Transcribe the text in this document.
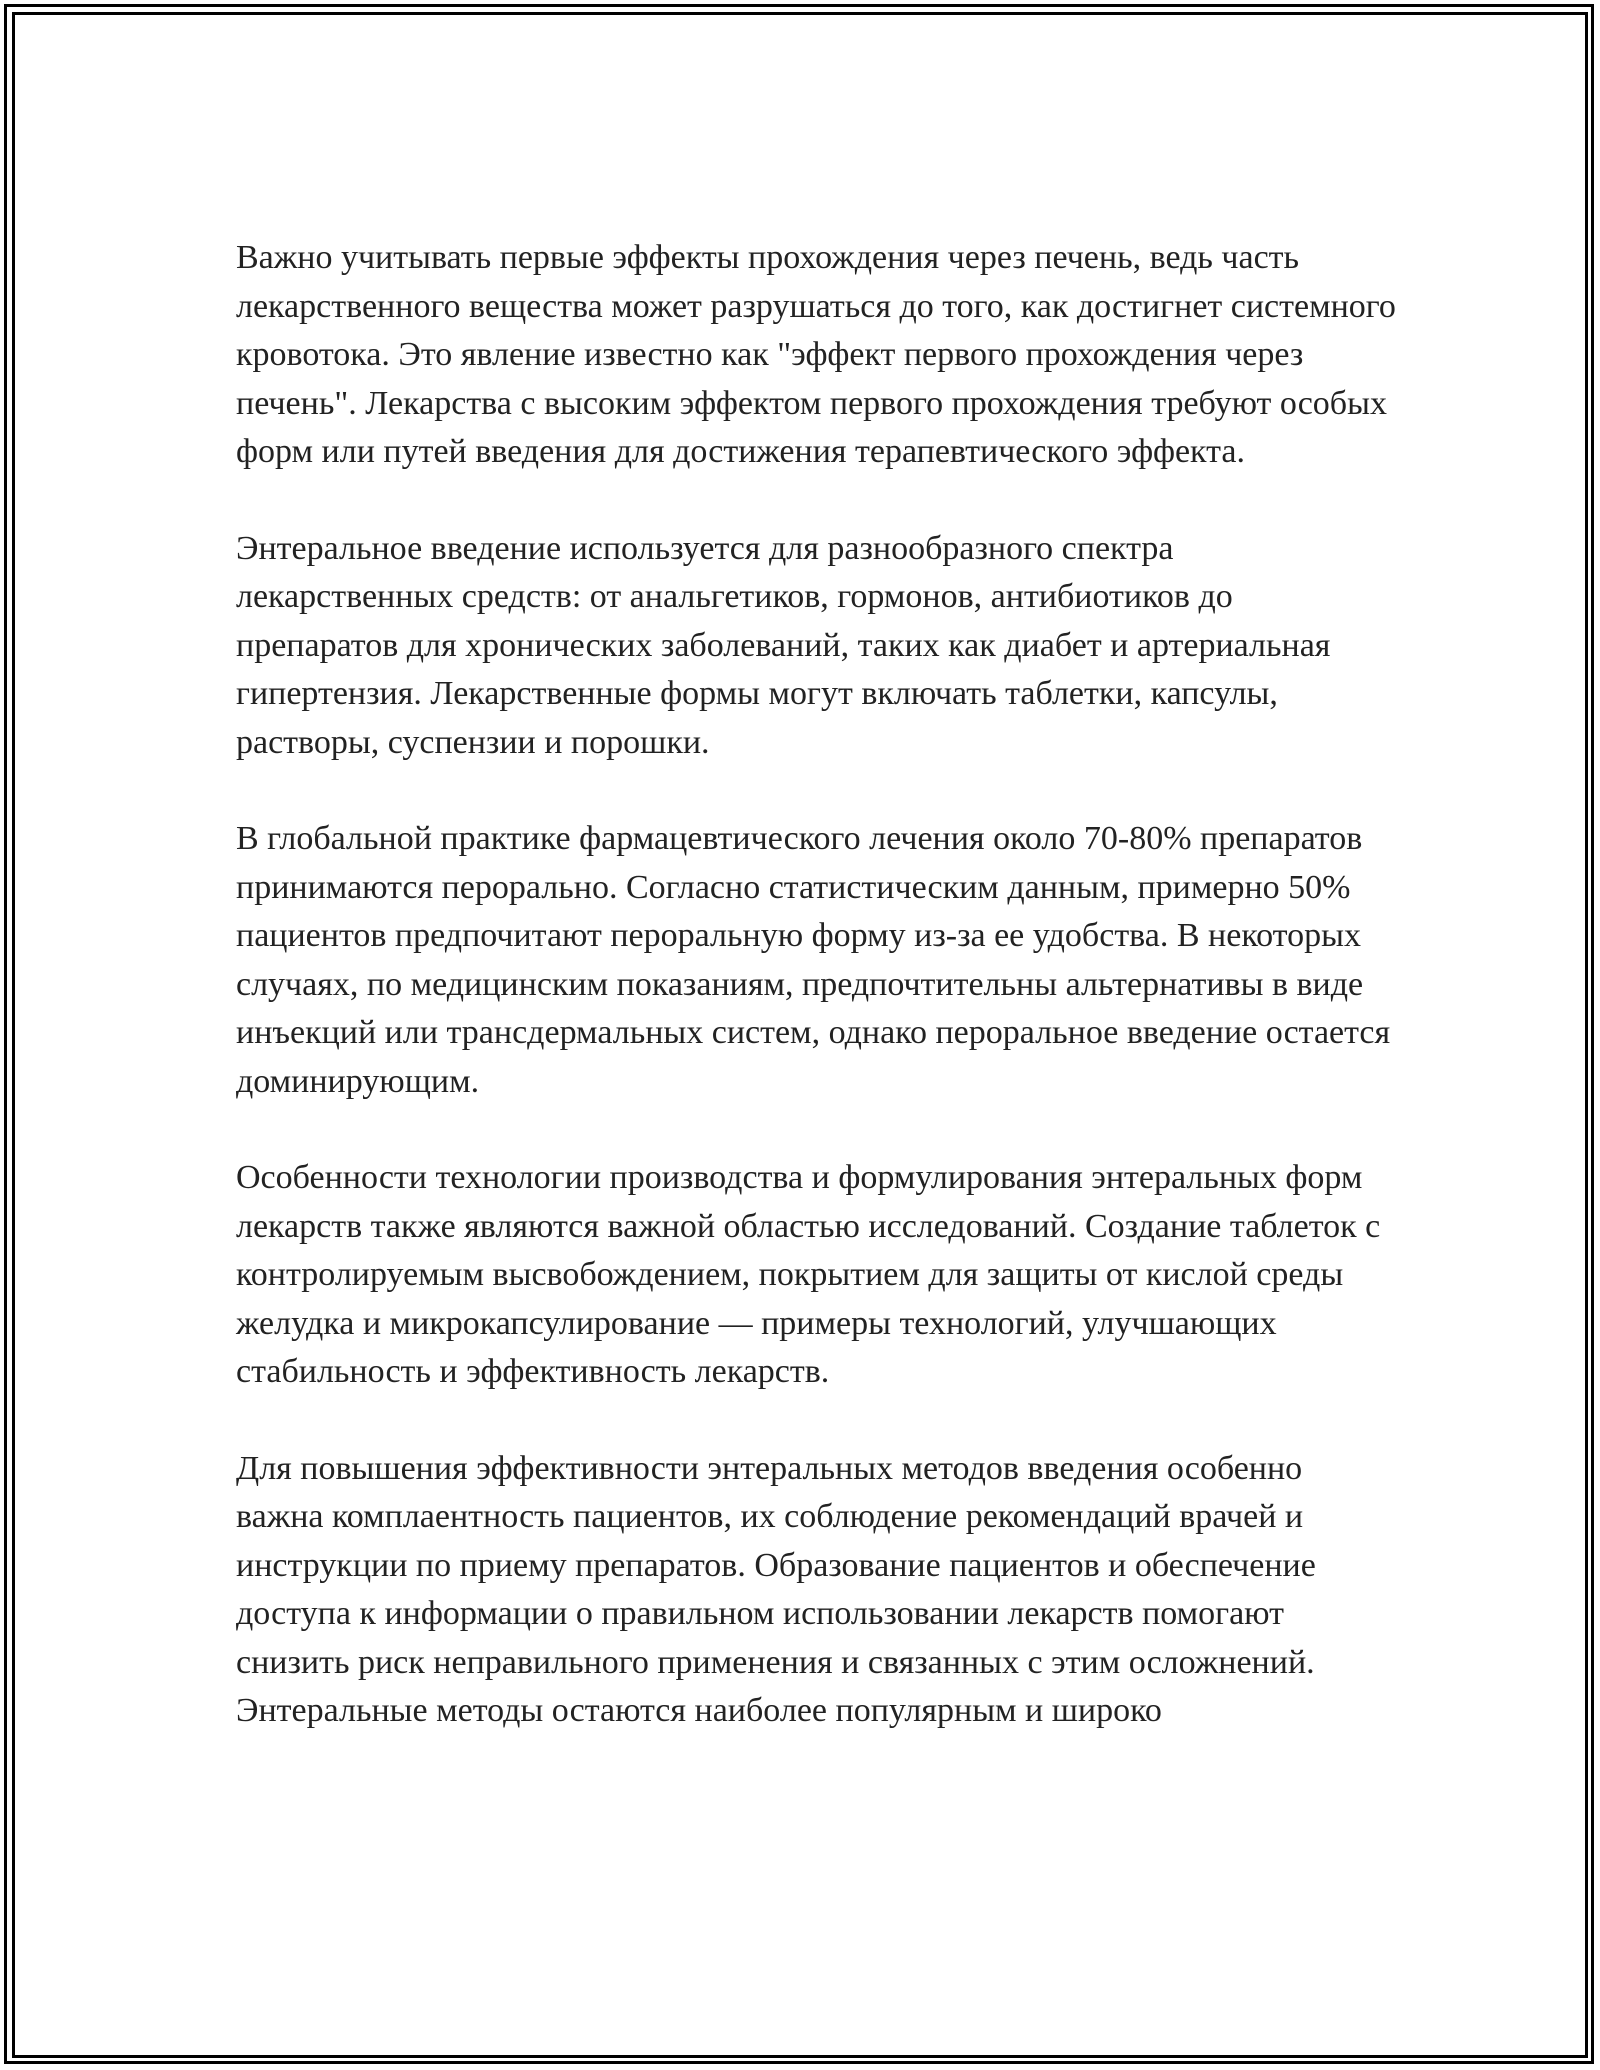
Важно учитывать первые эффекты прохождения через печень, ведь часть лекарственного вещества может разрушаться до того, как достигнет системного кровотока. Это явление известно как "эффект первого прохождения через печень". Лекарства с высоким эффектом первого прохождения требуют особых форм или путей введения для достижения терапевтического эффекта.

Энтеральное введение используется для разнообразного спектра лекарственных средств: от анальгетиков, гормонов, антибиотиков до препаратов для хронических заболеваний, таких как диабет и артериальная гипертензия. Лекарственные формы могут включать таблетки, капсулы, растворы, суспензии и порошки.

В глобальной практике фармацевтического лечения около 70-80% препаратов принимаются перорально. Согласно статистическим данным, примерно 50% пациентов предпочитают пероральную форму из-за ее удобства. В некоторых случаях, по медицинским показаниям, предпочтительны альтернативы в виде инъекций или трансдермальных систем, однако пероральное введение остается доминирующим.

Особенности технологии производства и формулирования энтеральных форм лекарств также являются важной областью исследований. Создание таблеток с контролируемым высвобождением, покрытием для защиты от кислой среды желудка и микрокапсулирование — примеры технологий, улучшающих стабильность и эффективность лекарств.

Для повышения эффективности энтеральных методов введения особенно важна комплаентность пациентов, их соблюдение рекомендаций врачей и инструкции по приему препаратов. Образование пациентов и обеспечение доступа к информации о правильном использовании лекарств помогают снизить риск неправильного применения и связанных с этим осложнений. Энтеральные методы остаются наиболее популярным и широко
